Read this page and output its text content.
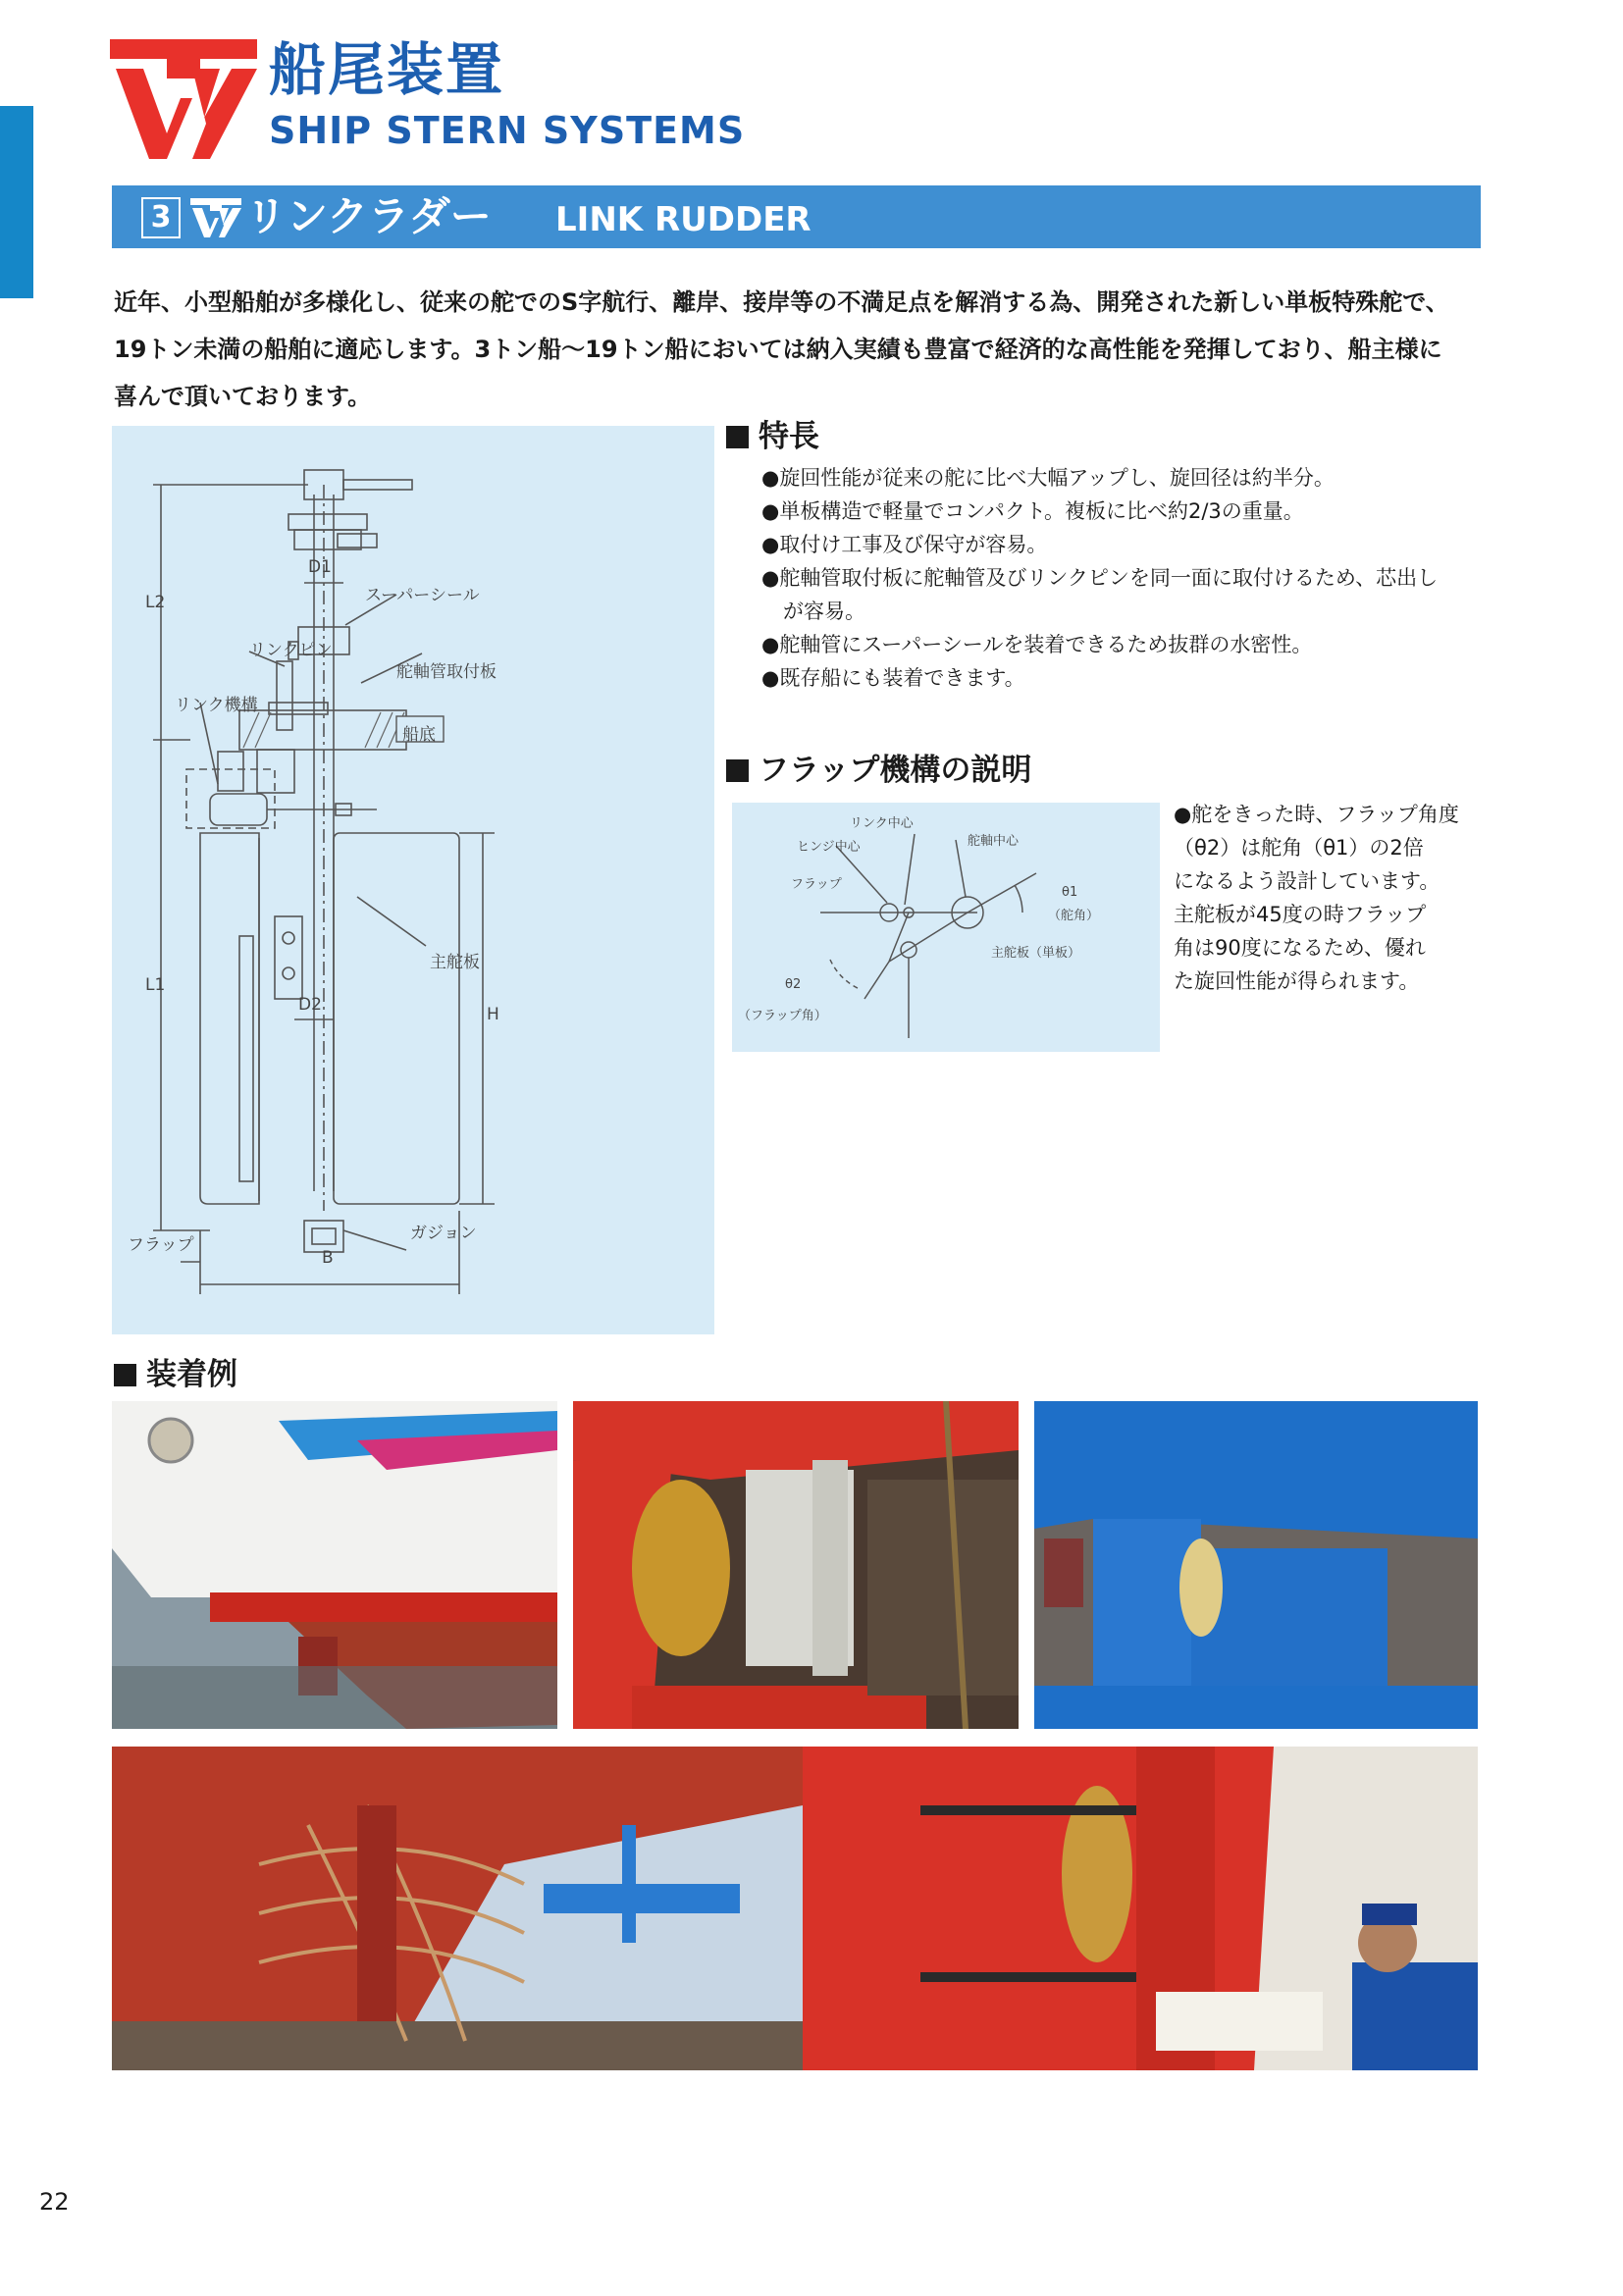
船尾装置
SHIP STERN SYSTEMS
3 リンクラダー LINK RUDDER
近年、小型船舶が多様化し、従来の舵でのS字航行、離岸、接岸等の不満足点を解消する為、開発された新しい単板特殊舵で、
19トン未満の船舶に適応します。3トン船～19トン船においては納入実績も豊富で経済的な高性能を発揮しており、船主様に
喜んで頂いております。
L2
L1
D1
スーパーシール
リンクピン
舵軸管取付板
リンク機構
船底
主舵板
H
D2
ガジョン
フラップ
B
特長
●旋回性能が従来の舵に比べ大幅アップし、旋回径は約半分。
●単板構造で軽量でコンパクト。複板に比べ約2/3の重量。
●取付け工事及び保守が容易。
●舵軸管取付板に舵軸管及びリンクピンを同一面に取付けるため、芯出しが容易。
●舵軸管にスーパーシールを装着できるため抜群の水密性。
●既存船にも装着できます。
フラップ機構の説明
リンク中心
ヒンジ中心	舵軸中心
フラップ
θ1
（舵角）
主舵板（単板）
θ2
（フラップ角）
●舵をきった時、フラップ角度
（θ2）は舵角（θ1）の2倍
になるよう設計しています。
主舵板が45度の時フラップ
角は90度になるため、優れ
た旋回性能が得られます。
装着例
22
